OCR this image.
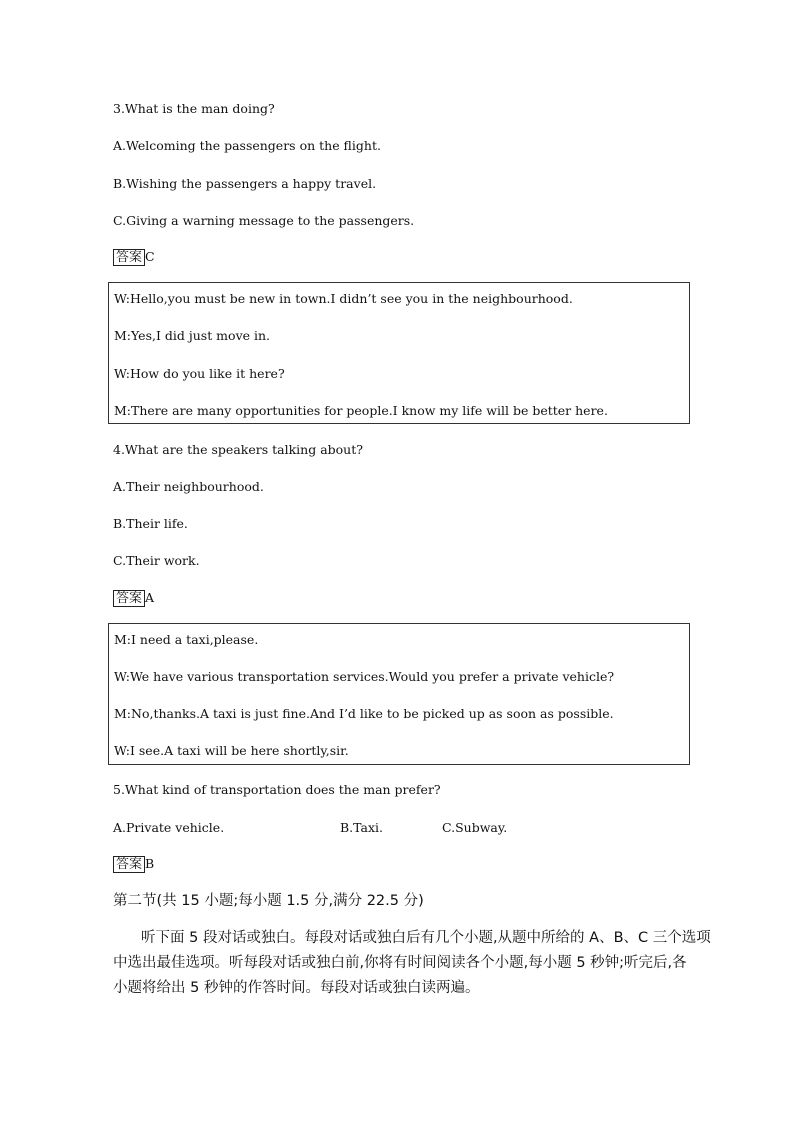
3.What is the man doing?
A.Welcoming the passengers on the flight.
B.Wishing the passengers a happy travel.
C.Giving a warning message to the passengers.
答案 C
W:Hello,you must be new in town.I didn’t see you in the neighbourhood.
M:Yes,I did just move in.
W:How do you like it here?
M:There are many opportunities for people.I know my life will be better here.
4.What are the speakers talking about?
A.Their neighbourhood.
B.Their life.
C.Their work.
答案 A
M:I need a taxi,please.
W:We have various transportation services.Would you prefer a private vehicle?
M:No,thanks.A taxi is just fine.And I’d like to be picked up as soon as possible.
W:I see.A taxi will be here shortly,sir.
5.What kind of transportation does the man prefer?
A.Private vehicle.	B.Taxi.	C.Subway.
答案 B
第二节(共 15 小题;每小题 1.5 分,满分 22.5 分)
听下面 5 段对话或独白。每段对话或独白后有几个小题,从题中所给的 A、B、C 三个选项
中选出最佳选项。听每段对话或独白前,你将有时间阅读各个小题,每小题 5 秒钟;听完后,各
小题将给出 5 秒钟的作答时间。每段对话或独白读两遍。
